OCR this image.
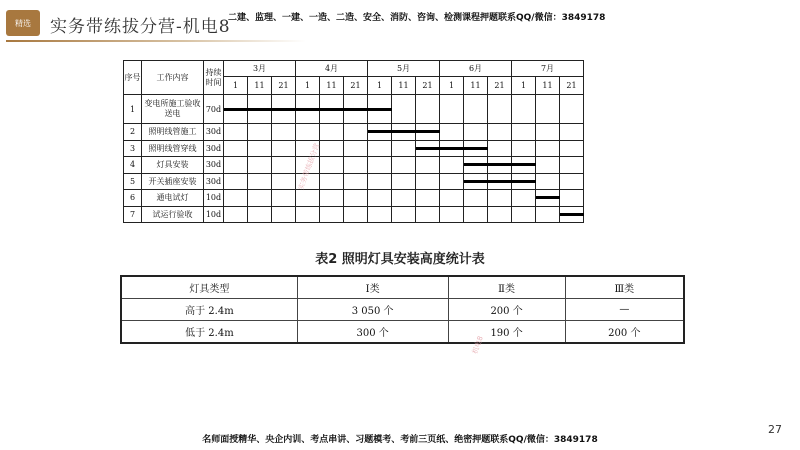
精选	实务带练拔分营-机电8
二建、监理、一建、一造、二造、安全、消防、咨询、检测课程押题联系QQ/微信：3849178
序号	工作内容	持续时间	3月			4月			5月			6月			7月		
			1	11	21	1	11	21	1	11	21	1	11	21	1	11	21
1	变电所施工验收送电	70d															
2	照明线管施工	30d															
3	照明线管穿线	30d															
4	灯具安装	30d															
5	开关插座安装	30d															
6	通电试灯	10d															
7	试运行验收	10d															
表2 照明灯具安装高度统计表
灯具类型	Ⅰ类	Ⅱ类	Ⅲ类
高于 2.4m	3 050 个	200 个	—
低于 2.4m	300 个	190 个	200 个
实务带练拔分营
机电8
名师面授精华、央企内训、考点串讲、习题模考、考前三页纸、绝密押题联系QQ/微信：3849178
27
